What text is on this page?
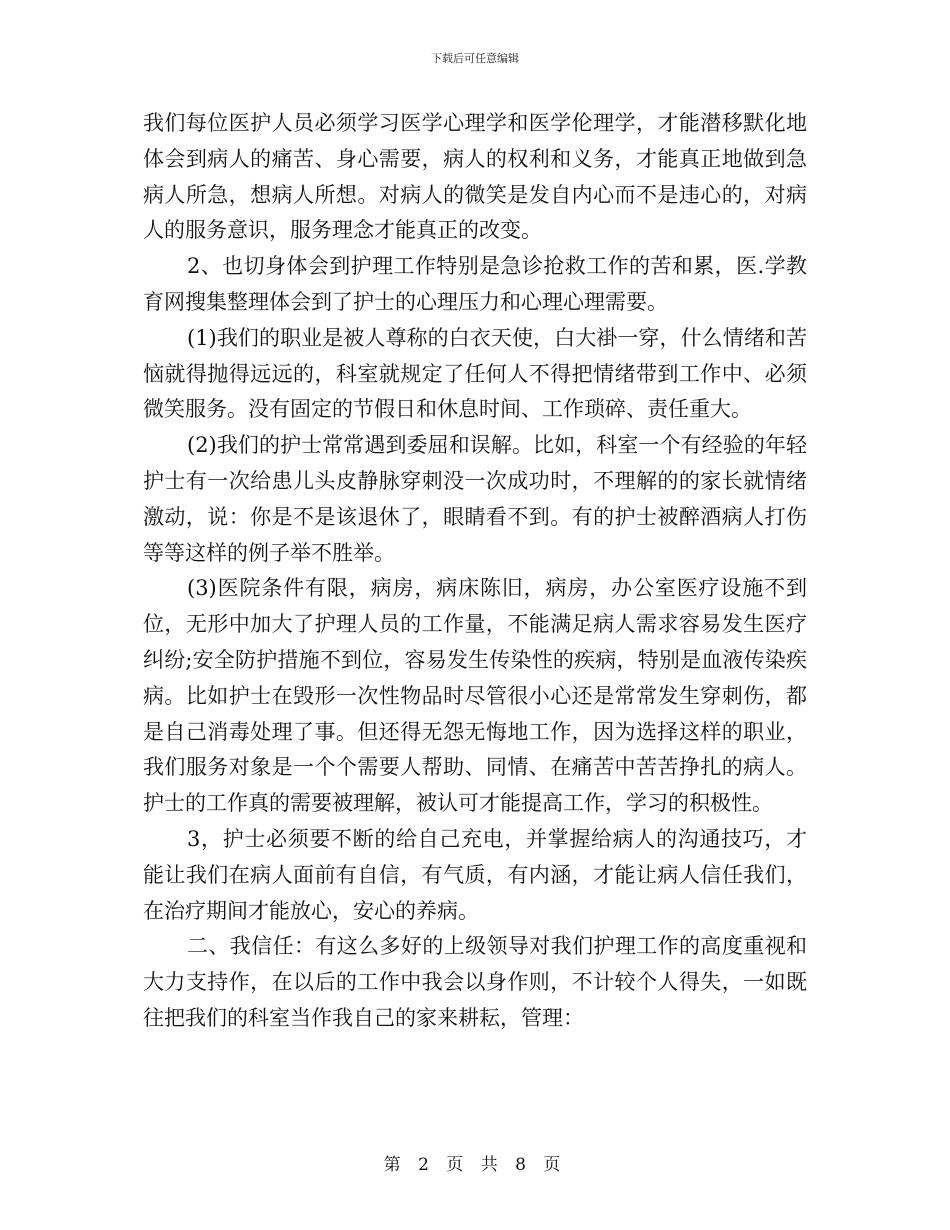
下载后可任意编辑

我们每位医护人员必须学习医学心理学和医学伦理学，才能潜移默化地体会到病人的痛苦、身心需要，病人的权利和义务，才能真正地做到急病人所急，想病人所想。对病人的微笑是发自内心而不是违心的，对病人的服务意识，服务理念才能真正的改变。

2、也切身体会到护理工作特别是急诊抢救工作的苦和累，医.学教育网搜集整理体会到了护士的心理压力和心理心理需要。

(1)我们的职业是被人尊称的白衣天使，白大褂一穿，什么情绪和苦恼就得抛得远远的，科室就规定了任何人不得把情绪带到工作中、必须微笑服务。没有固定的节假日和休息时间、工作琐碎、责任重大。

(2)我们的护士常常遇到委屈和误解。比如，科室一个有经验的年轻护士有一次给患儿头皮静脉穿刺没一次成功时，不理解的的家长就情绪激动，说：你是不是该退休了，眼睛看不到。有的护士被醉酒病人打伤等等这样的例子举不胜举。

(3)医院条件有限，病房，病床陈旧，病房，办公室医疗设施不到位，无形中加大了护理人员的工作量，不能满足病人需求容易发生医疗纠纷;安全防护措施不到位，容易发生传染性的疾病，特别是血液传染疾病。比如护士在毁形一次性物品时尽管很小心还是常常发生穿刺伤，都是自己消毒处理了事。但还得无怨无悔地工作，因为选择这样的职业，我们服务对象是一个个需要人帮助、同情、在痛苦中苦苦挣扎的病人。护士的工作真的需要被理解，被认可才能提高工作，学习的积极性。

3，护士必须要不断的给自己充电，并掌握给病人的沟通技巧，才能让我们在病人面前有自信，有气质，有内涵，才能让病人信任我们，在治疗期间才能放心，安心的养病。

二、我信任：有这么多好的上级领导对我们护理工作的高度重视和大力支持作，在以后的工作中我会以身作则，不计较个人得失，一如既往把我们的科室当作我自己的家来耕耘，管理：

第 2 页 共 8 页
